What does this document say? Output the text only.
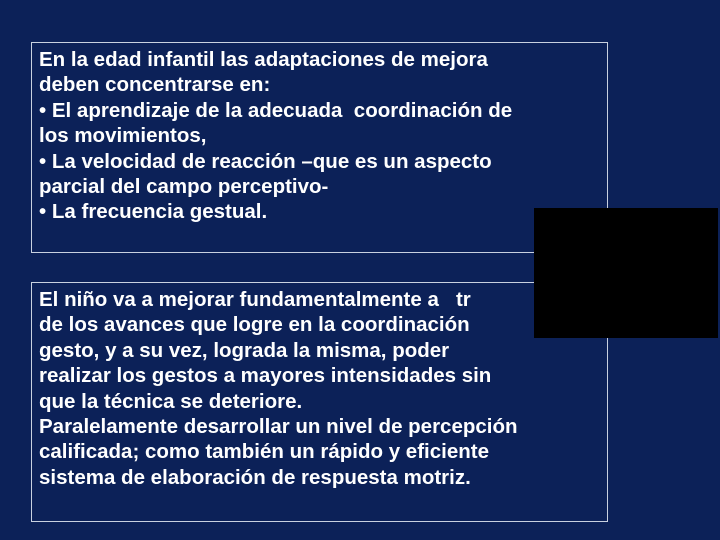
En la edad infantil las adaptaciones de mejora
deben concentrarse en:
• El aprendizaje de la adecuada  coordinación de
los movimientos,
• La velocidad de reacción –que es un aspecto
parcial del campo perceptivo-
• La frecuencia gestual.
El niño va a mejorar fundamentalmente a   tr
de los avances que logre en la coordinación
gesto, y a su vez, lograda la misma, poder
realizar los gestos a mayores intensidades sin
que la técnica se deteriore.
Paralelamente desarrollar un nivel de percepción
calificada; como también un rápido y eficiente
sistema de elaboración de respuesta motriz.
